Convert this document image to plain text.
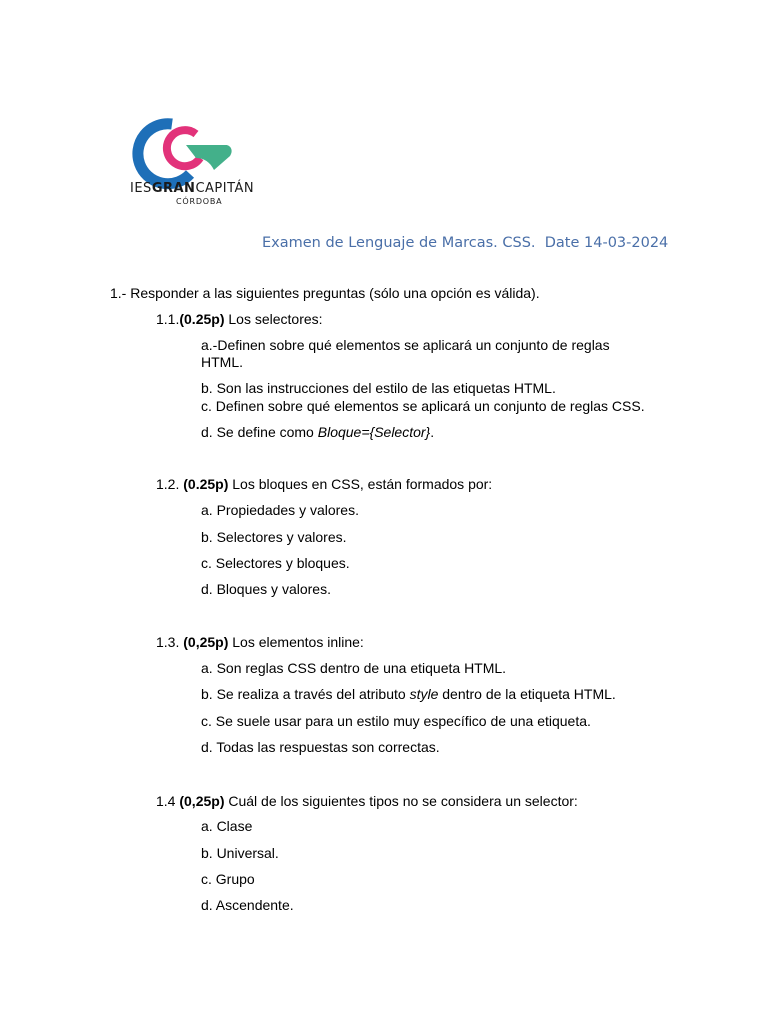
IESGRANCAPITÁN
CÓRDOBA
Examen de Lenguaje de Marcas. CSS.  Date 14-03-2024
1.- Responder a las siguientes preguntas (sólo una opción es válida).
1.1.(0.25p) Los selectores:
a.-Definen sobre qué elementos se aplicará un conjunto de reglas
HTML.
b. Son las instrucciones del estilo de las etiquetas HTML.
c. Definen sobre qué elementos se aplicará un conjunto de reglas CSS.
d. Se define como Bloque={Selector}.
1.2. (0.25p) Los bloques en CSS, están formados por:
a. Propiedades y valores.
b. Selectores y valores.
c. Selectores y bloques.
d. Bloques y valores.
1.3. (0,25p) Los elementos inline:
a. Son reglas CSS dentro de una etiqueta HTML.
b. Se realiza a través del atributo style dentro de la etiqueta HTML.
c. Se suele usar para un estilo muy específico de una etiqueta.
d. Todas las respuestas son correctas.
1.4 (0,25p) Cuál de los siguientes tipos no se considera un selector:
a. Clase
b. Universal.
c. Grupo
d. Ascendente.
